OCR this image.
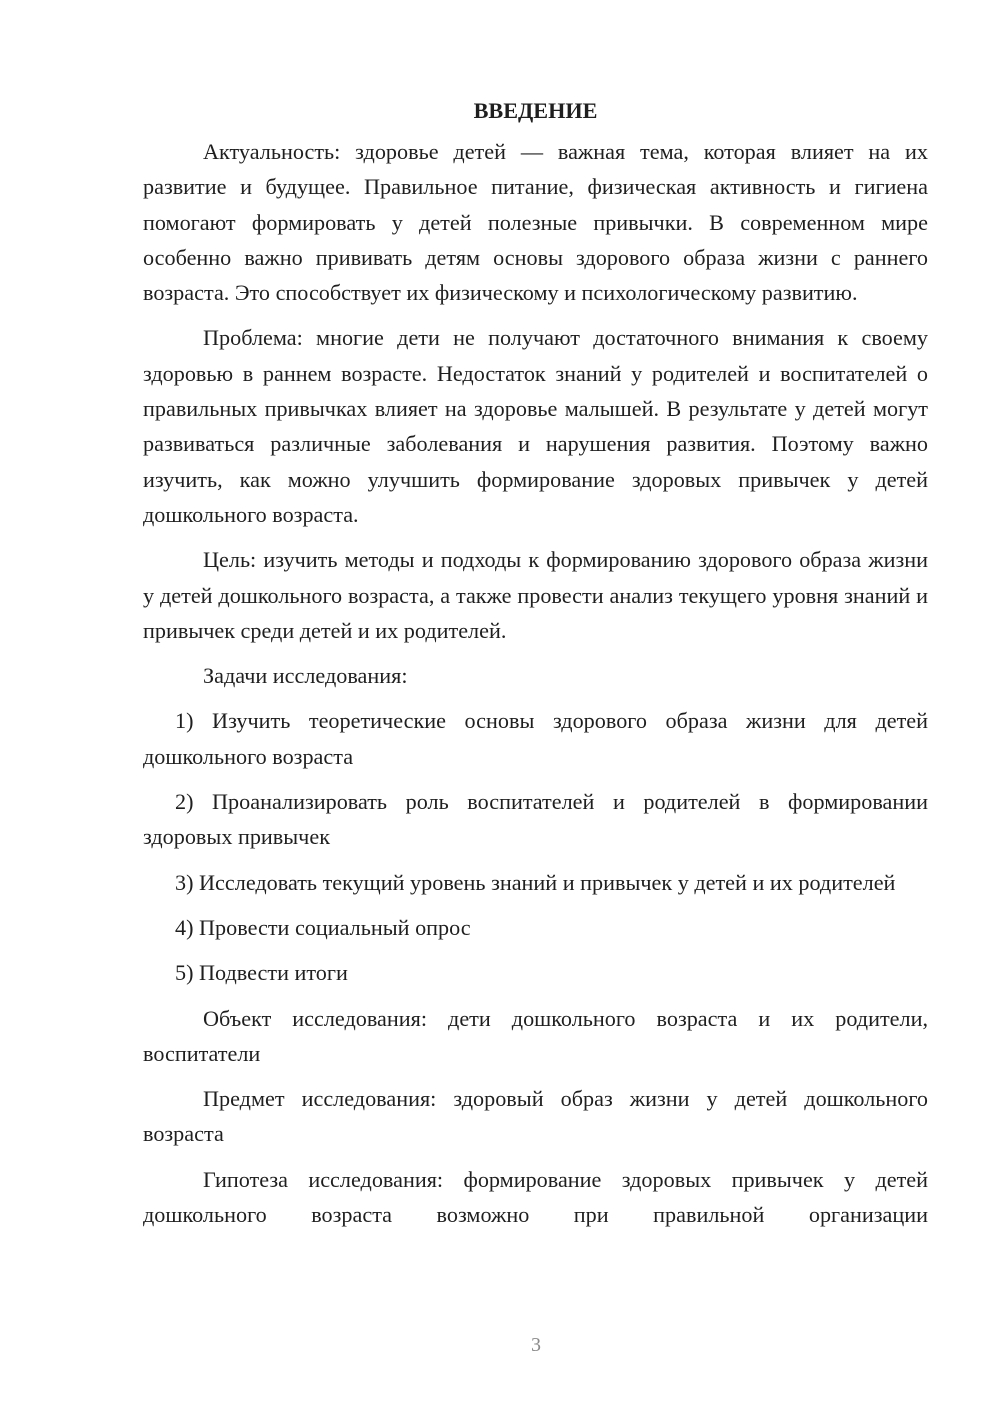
ВВЕДЕНИЕ

Актуальность: здоровье детей — важная тема, которая влияет на их развитие и будущее. Правильное питание, физическая активность и гигиена помогают формировать у детей полезные привычки. В современном мире особенно важно прививать детям основы здорового образа жизни с раннего возраста. Это способствует их физическому и психологическому развитию.

Проблема: многие дети не получают достаточного внимания к своему здоровью в раннем возрасте. Недостаток знаний у родителей и воспитателей о правильных привычках влияет на здоровье малышей. В результате у детей могут развиваться различные заболевания и нарушения развития. Поэтому важно изучить, как можно улучшить формирование здоровых привычек у детей дошкольного возраста.

Цель: изучить методы и подходы к формированию здорового образа жизни у детей дошкольного возраста, а также провести анализ текущего уровня знаний и привычек среди детей и их родителей.

Задачи исследования:

1) Изучить теоретические основы здорового образа жизни для детей дошкольного возраста

2) Проанализировать роль воспитателей и родителей в формировании здоровых привычек

3) Исследовать текущий уровень знаний и привычек у детей и их родителей

4) Провести социальный опрос

5) Подвести итоги

Объект исследования: дети дошкольного возраста и их родители, воспитатели

Предмет исследования: здоровый образ жизни у детей дошкольного возраста

Гипотеза исследования: формирование здоровых привычек у детей дошкольного возраста возможно при правильной организации

3
